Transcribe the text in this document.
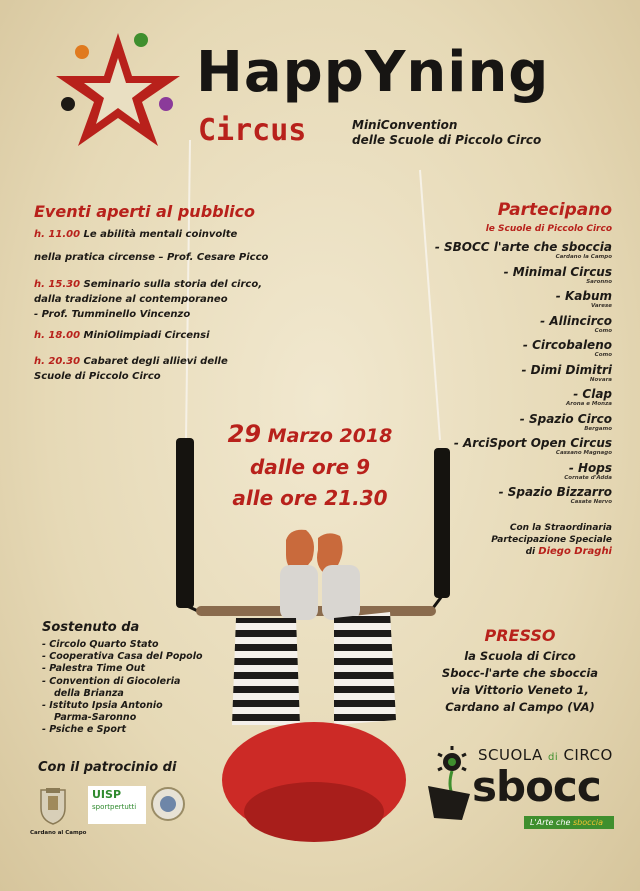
HappYning
Circus	MiniConvention
delle Scuole di Piccolo Circo
Eventi aperti al pubblico
h. 11.00 Le abilità mentali coinvolte
nella pratica circense – Prof. Cesare Picco
h. 15.30 Seminario sulla storia del circo,
dalla tradizione al contemporaneo
- Prof. Tumminello Vincenzo
h. 18.00 MiniOlimpiadi Circensi
h. 20.30 Cabaret degli allievi delle
Scuole di Piccolo Circo
Partecipano
le Scuole di Piccolo Circo
- SBOCC l'arte che sboccia
Cardano la Campo
- Minimal Circus
Saronno
- Kabum
Varese
- Allincirco
Como
- Circobaleno
Como
- Dimi Dimitri
Novara
- Clap
Arona e Monza
- Spazio Circo
Bergamo
- ArciSport Open Circus
Cassano Magnago
- Hops
Cornate d'Adda
- Spazio Bizzarro
Casate Nervo
Con la Straordinaria
Partecipazione Speciale
di Diego Draghi
29 Marzo 2018
dalle ore 9
alle ore 21.30
Sostenuto da
- Circolo Quarto Stato
- Cooperativa Casa del Popolo
- Palestra Time Out
- Convention di Giocoleria
della Brianza
- Istituto Ipsia Antonio
Parma-Saronno
- Psiche e Sport
Con il patrocinio di
Cardano al Campo
UISP
sportpertutti
PRESSO
la Scuola di Circo
Sbocc-l'arte che sboccia
via Vittorio Veneto 1,
Cardano al Campo (VA)
SCUOLA di CIRCO
sbocc
L'Arte che sboccia
